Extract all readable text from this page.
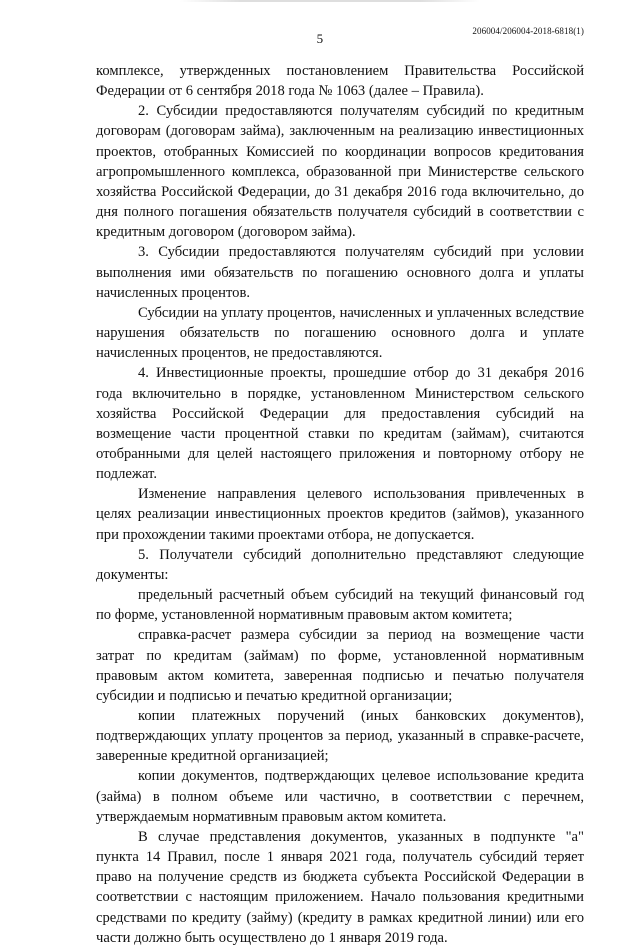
5	206004/206004-2018-6818(1)

комплексе, утвержденных постановлением Правительства Российской Федерации от 6 сентября 2018 года № 1063 (далее – Правила).

2. Субсидии предоставляются получателям субсидий по кредитным договорам (договорам займа), заключенным на реализацию инвестиционных проектов, отобранных Комиссией по координации вопросов кредитования агропромышленного комплекса, образованной при Министерстве сельского хозяйства Российской Федерации, до 31 декабря 2016 года включительно, до дня полного погашения обязательств получателя субсидий в соответствии с кредитным договором (договором займа).

3. Субсидии предоставляются получателям субсидий при условии выполнения ими обязательств по погашению основного долга и уплаты начисленных процентов.

Субсидии на уплату процентов, начисленных и уплаченных вследствие нарушения обязательств по погашению основного долга и уплате начисленных процентов, не предоставляются.

4. Инвестиционные проекты, прошедшие отбор до 31 декабря 2016 года включительно в порядке, установленном Министерством сельского хозяйства Российской Федерации для предоставления субсидий на возмещение части процентной ставки по кредитам (займам), считаются отобранными для целей настоящего приложения и повторному отбору не подлежат.

Изменение направления целевого использования привлеченных в целях реализации инвестиционных проектов кредитов (займов), указанного при прохождении такими проектами отбора, не допускается.

5. Получатели субсидий дополнительно представляют следующие документы:

предельный расчетный объем субсидий на текущий финансовый год по форме, установленной нормативным правовым актом комитета;

справка-расчет размера субсидии за период на возмещение части затрат по кредитам (займам) по форме, установленной нормативным правовым актом комитета, заверенная подписью и печатью получателя субсидии и подписью и печатью кредитной организации;

копии платежных поручений (иных банковских документов), подтверждающих уплату процентов за период, указанный в справке-расчете, заверенные кредитной организацией;

копии документов, подтверждающих целевое использование кредита (займа) в полном объеме или частично, в соответствии с перечнем, утверждаемым нормативным правовым актом комитета.

В случае представления документов, указанных в подпункте "а" пункта 14 Правил, после 1 января 2021 года, получатель субсидий теряет право на получение средств из бюджета субъекта Российской Федерации в соответствии с настоящим приложением. Начало пользования кредитными средствами по кредиту (займу) (кредиту в рамках кредитной линии) или его части должно быть осуществлено до 1 января 2019 года.
